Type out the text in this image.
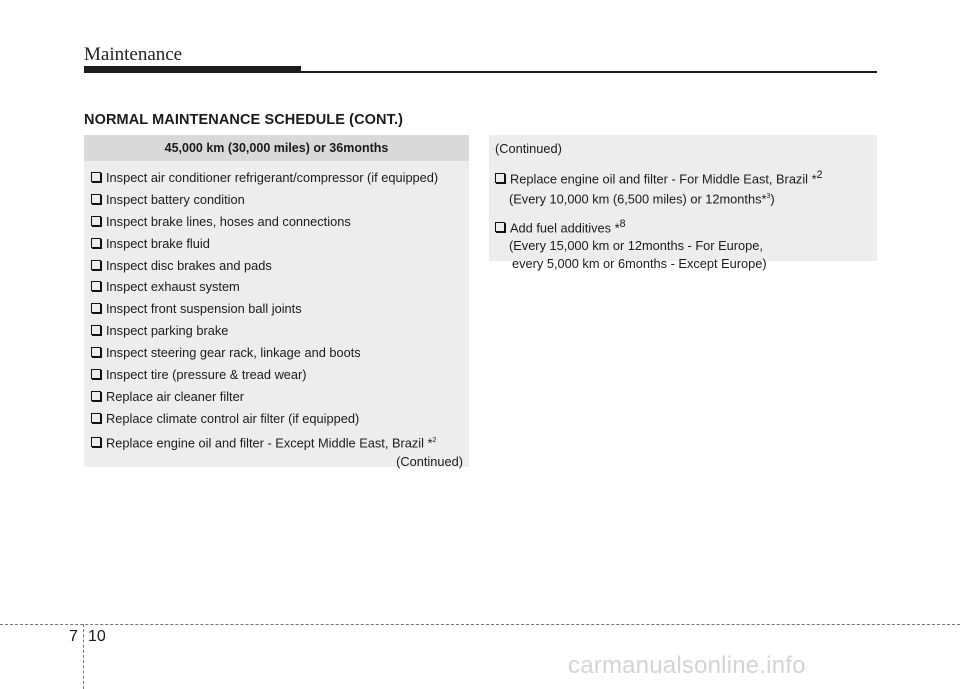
Maintenance
NORMAL MAINTENANCE SCHEDULE (CONT.)
45,000 km (30,000 miles) or 36months
Inspect air conditioner refrigerant/compressor (if equipped)
Inspect battery condition
Inspect brake lines, hoses and connections
Inspect brake fluid
Inspect disc brakes and pads
Inspect exhaust system
Inspect front suspension ball joints
Inspect parking brake
Inspect steering gear rack, linkage and boots
Inspect tire (pressure & tread wear)
Replace air cleaner filter
Replace climate control air filter (if equipped)
Replace engine oil and filter - Except Middle East, Brazil *$^2$
(Continued)
(Continued)
Replace engine oil and filter - For Middle East, Brazil *$^2$
(Every 10,000 km (6,500 miles) or 12months*$^3$)
Add fuel additives *$^8$
(Every 15,000 km or 12months - For Europe,
every 5,000 km or 6months - Except Europe)
7 10
carmanualsonline.info
